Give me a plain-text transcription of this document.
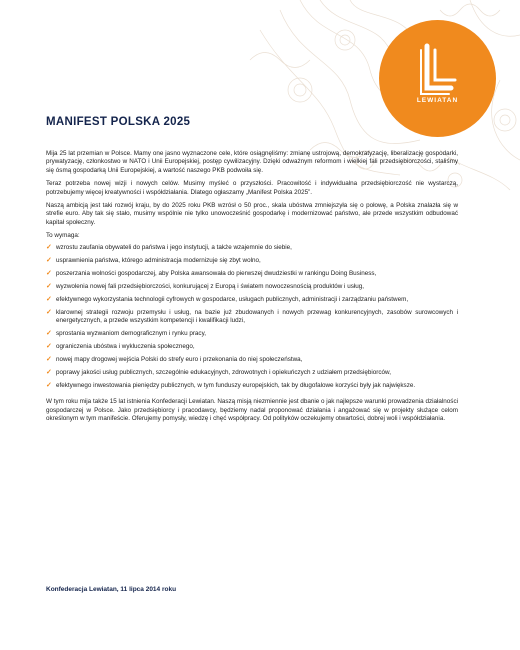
LEWIATAN
MANIFEST POLSKA 2025

Mija 25 lat przemian w Polsce. Mamy one jasno wyznaczone cele, które osiągnęliśmy: zmianę ustrojową, demokratyzację, liberalizację gospodarki, prywatyzację, członkostwo w NATO i Unii Europejskiej, postęp cywilizacyjny. Dzięki odważnym reformom i wielkiej fali przedsiębiorczości, staliśmy się ósmą gospodarką Unii Europejskiej, a wartość naszego PKB podwoiła się.

Teraz potrzeba nowej wizji i nowych celów. Musimy myśleć o przyszłości. Pracowitość i indywidualna przedsiębiorczość nie wystarczą, potrzebujemy więcej kreatywności i współdziałania. Dlatego ogłaszamy „Manifest Polska 2025”.

Naszą ambicją jest taki rozwój kraju, by do 2025 roku PKB wzrósł o 50 proc., skala ubóstwa zmniejszyła się o połowę, a Polska znalazła się w strefie euro. Aby tak się stało, musimy wspólnie nie tylko unowocześnić gospodarkę i modernizować państwo, ale przede wszystkim odbudować kapitał społeczny.

To wymaga:

✓ wzrostu zaufania obywateli do państwa i jego instytucji, a także wzajemnie do siebie,
✓ usprawnienia państwa, którego administracja modernizuje się zbyt wolno,
✓ poszerzania wolności gospodarczej, aby Polska awansowała do pierwszej dwudziestki w rankingu Doing Business,
✓ wyzwolenia nowej fali przedsiębiorczości, konkurującej z Europą i światem nowoczesnością produktów i usług,
✓ efektywnego wykorzystania technologii cyfrowych w gospodarce, usługach publicznych, administracji i zarządzaniu państwem,
✓ klarownej strategii rozwoju przemysłu i usług, na bazie już zbudowanych i nowych przewag konkurencyjnych, zasobów surowcowych i energetycznych, a przede wszystkim kompetencji i kwalifikacji ludzi,
✓ sprostania wyzwaniom demograficznym i rynku pracy,
✓ ograniczenia ubóstwa i wykluczenia społecznego,
✓ nowej mapy drogowej wejścia Polski do strefy euro i przekonania do niej społeczeństwa,
✓ poprawy jakości usług publicznych, szczególnie edukacyjnych, zdrowotnych i opiekuńczych z udziałem przedsiębiorców,
✓ efektywnego inwestowania pieniędzy publicznych, w tym funduszy europejskich, tak by długofalowe korzyści były jak największe.

W tym roku mija także 15 lat istnienia Konfederacji Lewiatan. Naszą misją niezmiennie jest dbanie o jak najlepsze warunki prowadzenia działalności gospodarczej w Polsce. Jako przedsiębiorcy i pracodawcy, będziemy nadal proponować działania i angażować się w projekty służące celom określonym w tym manifeście. Oferujemy pomysły, wiedzę i chęć współpracy. Od polityków oczekujemy otwartości, dobrej woli i współdziałania.

Konfederacja Lewiatan, 11 lipca 2014 roku
